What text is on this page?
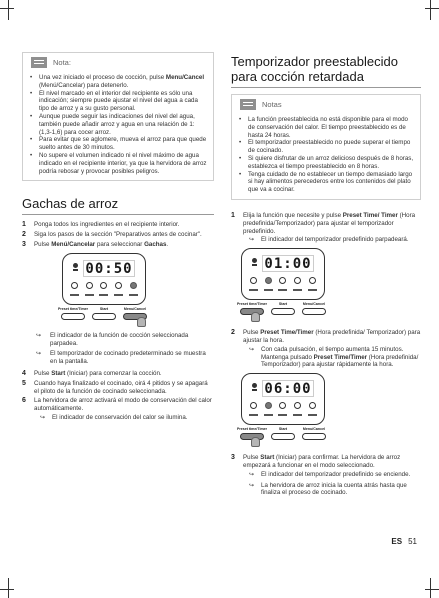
Nota:
• Una vez iniciado el proceso de cocción, pulse Menu/Cancel (Menú/Cancelar) para detenerlo.
• El nivel marcado en el interior del recipiente es sólo una indicación; siempre puede ajustar el nivel del agua a cada tipo de arroz y a su gusto personal.
• Aunque puede seguir las indicaciones del nivel del agua, también puede añadir arroz y agua en una relación de 1:(1,3-1,6) para cocer arroz.
• Para evitar que se aglomere, mueva el arroz para que quede suelto antes de 30 minutos.
• No supere el volumen indicado ni el nivel máximo de agua indicado en el recipiente interior, ya que la hervidora de arroz podría rebosar y provocar posibles peligros.
Gachas de arroz
1 Ponga todos los ingredientes en el recipiente interior.
2 Siga los pasos de la sección "Preparativos antes de cocinar".
3 Pulse Menú/Cancelar para seleccionar Gachas.
00:50
Preset time/Timer	Start	Menu/Cancel
↪ El indicador de la función de cocción seleccionada parpadea.
↪ El temporizador de cocinado predeterminado se muestra en la pantalla.
4 Pulse Start (Iniciar) para comenzar la cocción.
5 Cuando haya finalizado el cocinado, oirá 4 pitidos y se apagará el piloto de la función de cocinado seleccionada.
6 La hervidora de arroz activará el modo de conservación del calor automáticamente.
↪ El indicador de conservación del calor se ilumina.
Temporizador preestablecido
para cocción retardada
Notas
• La función preestablecida no está disponible para el modo de conservación del calor. El tiempo preestablecido es de hasta 24 horas.
• El temporizador preestablecido no puede superar el tiempo de cocinado.
• Si quiere disfrutar de un arroz delicioso después de 8 horas, establezca el tiempo preestablecido en 8 horas.
• Tenga cuidado de no establecer un tiempo demasiado largo si hay alimentos perecederos entre los contenidos del plato que va a cocinar.
1 Elija la función que necesite y pulse Preset Time/ Timer (Hora predefinida/Temporizador) para ajustar el temporizador predefinido.
↪ El indicador del temporizador predefinido parpadeará.
01:00
Preset time/Timer	Start	Menu/Cancel
2 Pulse Preset Time/Timer (Hora predefinida/ Temporizador) para ajustar la hora.
↪ Con cada pulsación, el tiempo aumenta 15 minutos. Mantenga pulsado Preset Time/Timer (Hora predefinida/ Temporizador) para ajustar rápidamente la hora.
06:00
Preset time/Timer	Start	Menu/Cancel
3 Pulse Start (Iniciar) para confirmar. La hervidora de arroz empezará a funcionar en el modo seleccionado.
↪ El indicador del temporizador predefinido se enciende.
↪ La hervidora de arroz inicia la cuenta atrás hasta que finaliza el proceso de cocinado.
ES 51
